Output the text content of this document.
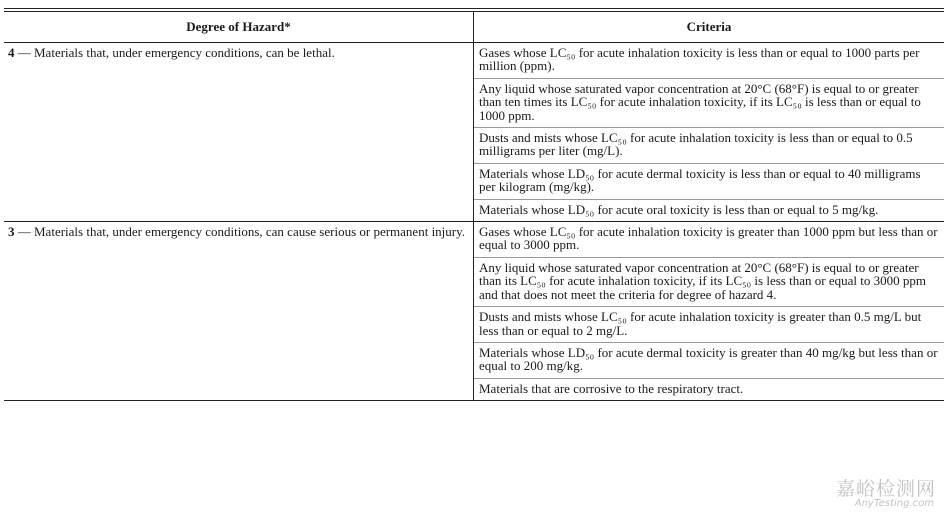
Degree of Hazard*	Criteria
4 — Materials that, under emergency conditions, can be lethal.	Gases whose LC₅₀ for acute inhalation toxicity is less than or equal to 1000 parts per million (ppm).
Any liquid whose saturated vapor concentration at 20°C (68°F) is equal to or greater than ten times its LC₅₀ for acute inhalation toxicity, if its LC₅₀ is less than or equal to 1000 ppm.
Dusts and mists whose LC₅₀ for acute inhalation toxicity is less than or equal to 0.5 milligrams per liter (mg/L).
Materials whose LD₅₀ for acute dermal toxicity is less than or equal to 40 milligrams per kilogram (mg/kg).
Materials whose LD₅₀ for acute oral toxicity is less than or equal to 5 mg/kg.

3 — Materials that, under emergency conditions, can cause serious or permanent injury.	Gases whose LC₅₀ for acute inhalation toxicity is greater than 1000 ppm but less than or equal to 3000 ppm.
Any liquid whose saturated vapor concentration at 20°C (68°F) is equal to or greater than its LC₅₀ for acute inhalation toxicity, if its LC₅₀ is less than or equal to 3000 ppm and that does not meet the criteria for degree of hazard 4.
Dusts and mists whose LC₅₀ for acute inhalation toxicity is greater than 0.5 mg/L but less than or equal to 2 mg/L.
Materials whose LD₅₀ for acute dermal toxicity is greater than 40 mg/kg but less than or equal to 200 mg/kg.
Materials that are corrosive to the respiratory tract.
嘉峪检测网
AnyTesting.com
